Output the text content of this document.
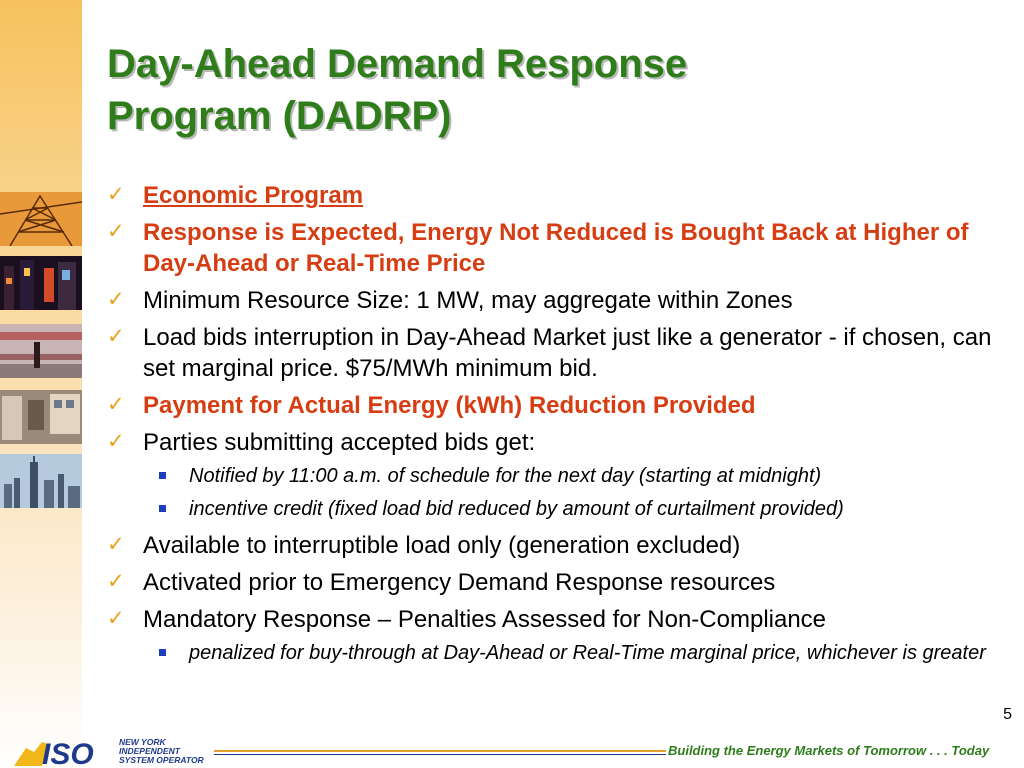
Day-Ahead Demand Response
Program (DADRP)
✓ Economic Program
✓ Response is Expected, Energy Not Reduced is Bought Back at Higher of Day-Ahead or Real-Time Price
✓ Minimum Resource Size: 1 MW, may aggregate within Zones
✓ Load bids interruption in Day-Ahead Market just like a generator - if chosen, can set marginal price. $75/MWh minimum bid.
✓ Payment for Actual Energy (kWh) Reduction Provided
✓ Parties submitting accepted bids get:
Notified by 11:00 a.m. of schedule for the next day (starting at midnight)
incentive credit (fixed load bid reduced by amount of curtailment provided)
✓ Available to interruptible load only (generation excluded)
✓ Activated prior to Emergency Demand Response resources
✓ Mandatory Response – Penalties Assessed for Non-Compliance
penalized for buy-through at Day-Ahead or Real-Time marginal price, whichever is greater
5
ISO	NEW YORK
INDEPENDENT
SYSTEM OPERATOR
Building the Energy Markets of Tomorrow . . . Today
